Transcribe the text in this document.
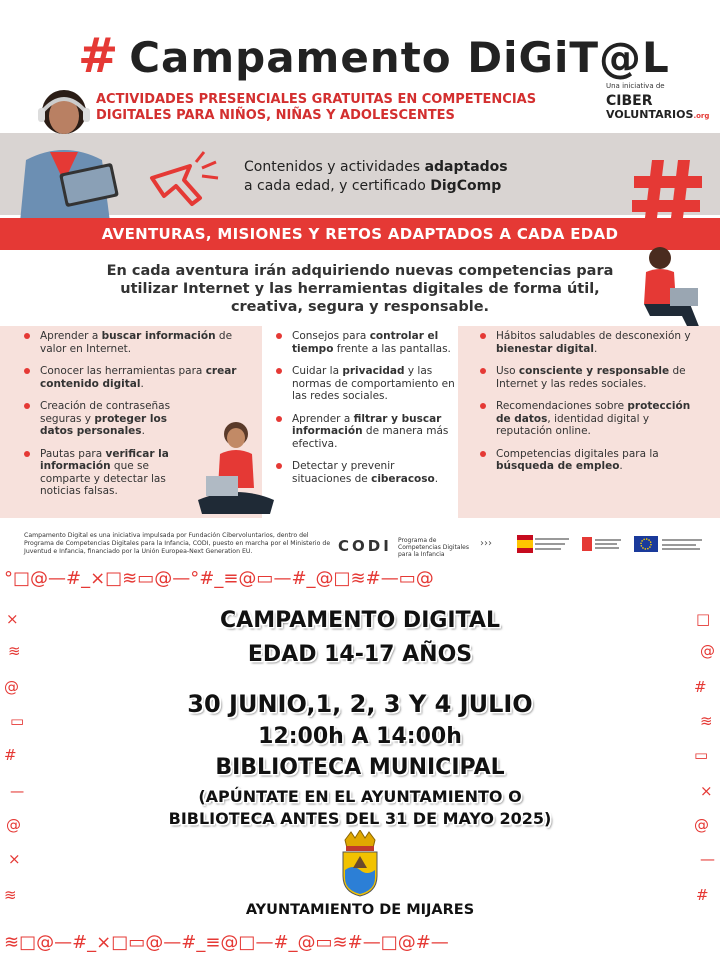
# Campamento DiGiT@L
ACTIVIDADES PRESENCIALES GRATUITAS EN COMPETENCIAS DIGITALES PARA NIÑOS, NIÑAS Y ADOLESCENTES
Una iniciativa de
CIBER
VOLUNTARIOS.org
Contenidos y actividades adaptados
a cada edad, y certificado DigComp
AVENTURAS, MISIONES Y RETOS ADAPTADOS A CADA EDAD
En cada aventura irán adquiriendo nuevas competencias para utilizar Internet y las herramientas digitales de forma útil, creativa, segura y responsable.
Aprender a buscar información de valor en Internet.
Conocer las herramientas para crear contenido digital.
Creación de contraseñas seguras y proteger los datos personales.
Pautas para verificar la información que se comparte y detectar las noticias falsas.
Consejos para controlar el tiempo frente a las pantallas.
Cuidar la privacidad y las normas de comportamiento en las redes sociales.
Aprender a filtrar y buscar información de manera más efectiva.
Detectar y prevenir situaciones de ciberacoso.
Hábitos saludables de desconexión y bienestar digital.
Uso consciente y responsable de Internet y las redes sociales.
Recomendaciones sobre protección de datos, identidad digital y reputación online.
Competencias digitales para la búsqueda de empleo.
Campamento Digital es una iniciativa impulsada por Fundación Cibervoluntarios, dentro del Programa de Competencias Digitales para la Infancia, CODI, puesto en marcha por el Ministerio de Juventud e Infancia, financiado por la Unión Europea-Next Generation EU.	CODI Programa de Competencias Digitales para la Infancia
›››
°□@—#_×□≋▭@—°#_≡@▭—#_@□≋#—▭@
≋□@—#_×□▭@—#_≡@□—#_@▭≋#—□@#—
×
≋
@
▭
#
—
@
×
≋
□
@
#
≋
▭
×
@
—
#
CAMPAMENTO DIGITAL
EDAD 14-17 AÑOS
30 JUNIO,1, 2, 3 Y 4 JULIO
12:00h A 14:00h
BIBLIOTECA MUNICIPAL
(APÚNTATE EN EL AYUNTAMIENTO O
BIBLIOTECA ANTES DEL 31 DE MAYO 2025)
AYUNTAMIENTO DE MIJARES
